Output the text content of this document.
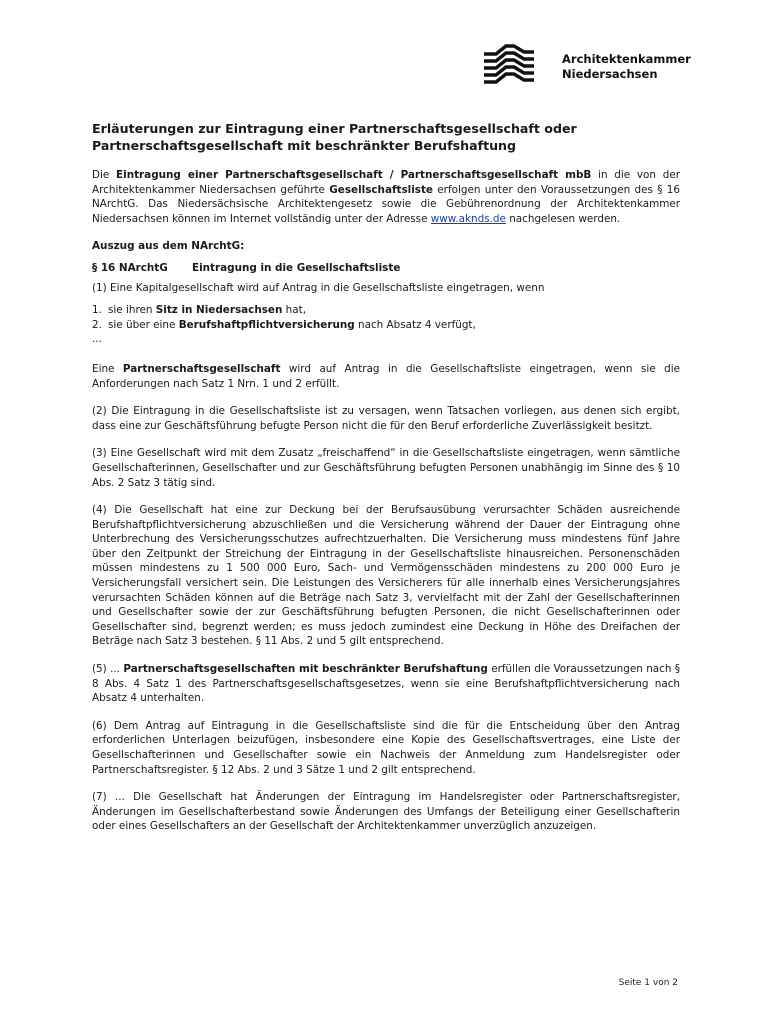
Architektenkammer
Niedersachsen
Erläuterungen zur Eintragung einer Partnerschaftsgesellschaft oder
Partnerschaftsgesellschaft mit beschränkter Berufshaftung

Die Eintragung einer Partnerschaftsgesellschaft / Partnerschaftsgesellschaft mbB in die von der Architektenkammer Niedersachsen geführte Gesellschaftsliste erfolgen unter den Voraussetzungen des § 16 NArchtG. Das Niedersächsische Architektengesetz sowie die Gebührenordnung der Architektenkammer Niedersachsen können im Internet vollständig unter der Adresse www.aknds.de nachgelesen werden.

Auszug aus dem NArchtG:
§ 16 NArchtG Eintragung in die Gesellschaftsliste

(1) Eine Kapitalgesellschaft wird auf Antrag in die Gesellschaftsliste eingetragen, wenn

1. sie ihren Sitz in Niedersachsen hat,
2. sie über eine Berufshaftpflichtversicherung nach Absatz 4 verfügt,
...

Eine Partnerschaftsgesellschaft wird auf Antrag in die Gesellschaftsliste eingetragen, wenn sie die Anforderungen nach Satz 1 Nrn. 1 und 2 erfüllt.

(2) Die Eintragung in die Gesellschaftsliste ist zu versagen, wenn Tatsachen vorliegen, aus denen sich ergibt, dass eine zur Geschäftsführung befugte Person nicht die für den Beruf erforderliche Zuverlässigkeit besitzt.

(3) Eine Gesellschaft wird mit dem Zusatz „freischaffend“ in die Gesellschaftsliste eingetragen, wenn sämtliche Gesellschafterinnen, Gesellschafter und zur Geschäftsführung befugten Personen unabhängig im Sinne des § 10 Abs. 2 Satz 3 tätig sind.

(4) Die Gesellschaft hat eine zur Deckung bei der Berufsausübung verursachter Schäden ausreichende Berufshaftpflichtversicherung abzuschließen und die Versicherung während der Dauer der Eintragung ohne Unterbrechung des Versicherungsschutzes aufrechtzuerhalten. Die Versicherung muss mindestens fünf Jahre über den Zeitpunkt der Streichung der Eintragung in der Gesellschaftsliste hinausreichen. Personenschäden müssen mindestens zu 1 500 000 Euro, Sach- und Vermögensschäden mindestens zu 200 000 Euro je Versicherungsfall versichert sein. Die Leistungen des Versicherers für alle innerhalb eines Versicherungsjahres verursachten Schäden können auf die Beträge nach Satz 3, vervielfacht mit der Zahl der Gesellschafterinnen und Gesellschafter sowie der zur Geschäftsführung befugten Personen, die nicht Gesellschafterinnen oder Gesellschafter sind, begrenzt werden; es muss jedoch zumindest eine Deckung in Höhe des Dreifachen der Beträge nach Satz 3 bestehen. § 11 Abs. 2 und 5 gilt entsprechend.

(5) ... Partnerschaftsgesellschaften mit beschränkter Berufshaftung erfüllen die Voraussetzungen nach § 8 Abs. 4 Satz 1 des Partnerschaftsgesellschaftsgesetzes, wenn sie eine Berufshaftpflichtversicherung nach Absatz 4 unterhalten.

(6) Dem Antrag auf Eintragung in die Gesellschaftsliste sind die für die Entscheidung über den Antrag erforderlichen Unterlagen beizufügen, insbesondere eine Kopie des Gesellschaftsvertrages, eine Liste der Gesellschafterinnen und Gesellschafter sowie ein Nachweis der Anmeldung zum Handelsregister oder Partnerschaftsregister. § 12 Abs. 2 und 3 Sätze 1 und 2 gilt entsprechend.

(7) ... Die Gesellschaft hat Änderungen der Eintragung im Handelsregister oder Partnerschaftsregister, Änderungen im Gesellschafterbestand sowie Änderungen des Umfangs der Beteiligung einer Gesellschafterin oder eines Gesellschafters an der Gesellschaft der Architektenkammer unverzüglich anzuzeigen.

Seite 1 von 2
